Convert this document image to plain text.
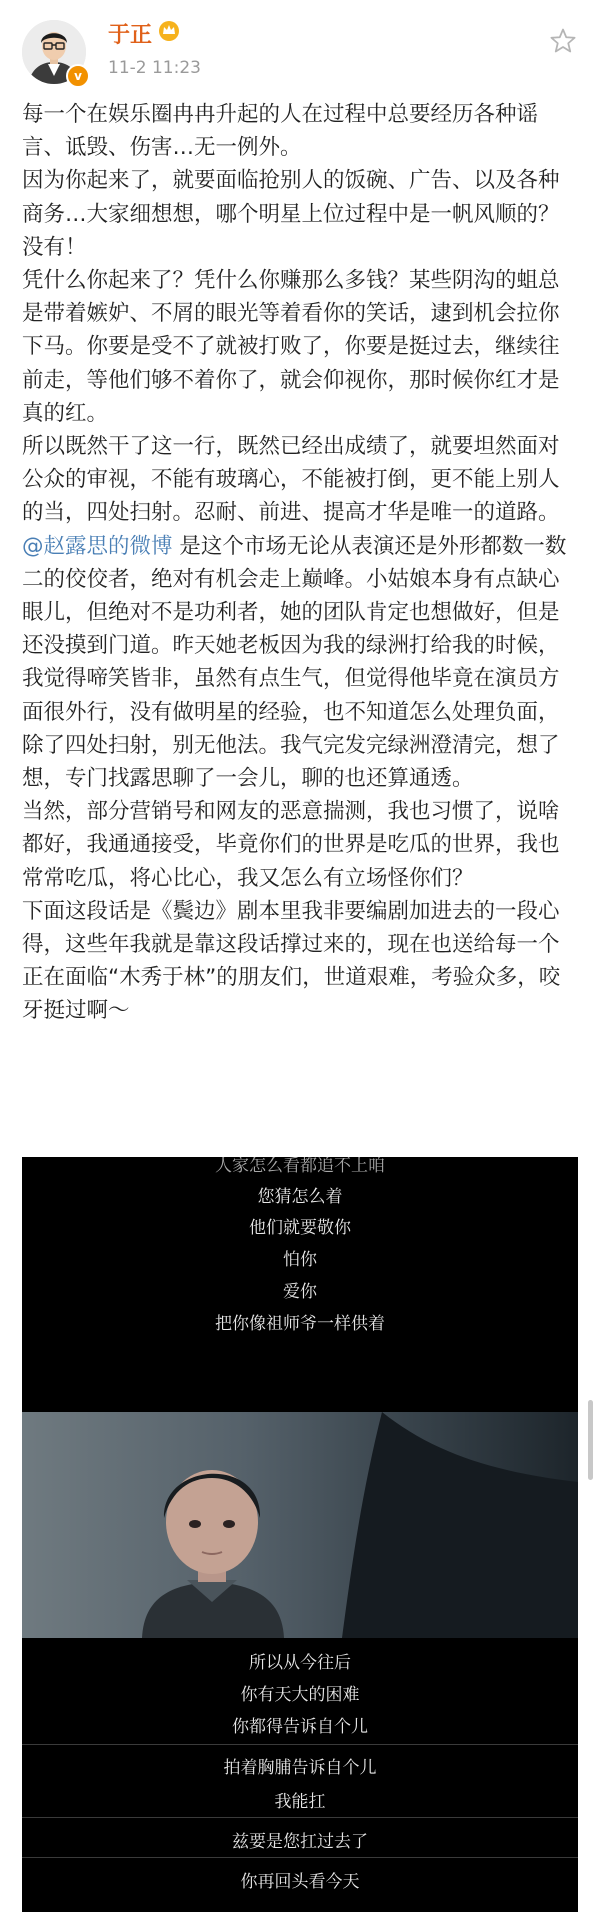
v
于正
11-2 11:23

每一个在娱乐圈冉冉升起的人在过程中总要经历各种谣言、诋毁、伤害…无一例外。

因为你起来了，就要面临抢别人的饭碗、广告、以及各种商务…大家细想想，哪个明星上位过程中是一帆风顺的？没有！

凭什么你起来了？凭什么你赚那么多钱？某些阴沟的蛆总是带着嫉妒、不屑的眼光等着看你的笑话，逮到机会拉你下马。你要是受不了就被打败了，你要是挺过去，继续往前走，等他们够不着你了，就会仰视你，那时候你红才是真的红。

所以既然干了这一行，既然已经出成绩了，就要坦然面对公众的审视，不能有玻璃心，不能被打倒，更不能上别人的当，四处扫射。忍耐、前进、提高才华是唯一的道路。

@赵露思的微博 是这个市场无论从表演还是外形都数一数二的佼佼者，绝对有机会走上巅峰。小姑娘本身有点缺心眼儿，但绝对不是功利者，她的团队肯定也想做好，但是还没摸到门道。昨天她老板因为我的绿洲打给我的时候，我觉得啼笑皆非，虽然有点生气，但觉得他毕竟在演员方面很外行，没有做明星的经验，也不知道怎么处理负面，除了四处扫射，别无他法。我气完发完绿洲澄清完，想了想，专门找露思聊了一会儿，聊的也还算通透。

当然，部分营销号和网友的恶意揣测，我也习惯了，说啥都好，我通通接受，毕竟你们的世界是吃瓜的世界，我也常常吃瓜，将心比心，我又怎么有立场怪你们？

下面这段话是《鬓边》剧本里我非要编剧加进去的一段心得，这些年我就是靠这段话撑过来的，现在也送给每一个正在面临“木秀于林”的朋友们，世道艰难，考验众多，咬牙挺过啊〜

人家怎么看都追不上咱
您猜怎么着
他们就要敬你
怕你
爱你
把你像祖师爷一样供着
所以从今往后
你有天大的困难
你都得告诉自个儿
拍着胸脯告诉自个儿
我能扛
兹要是您扛过去了
你再回头看今天
